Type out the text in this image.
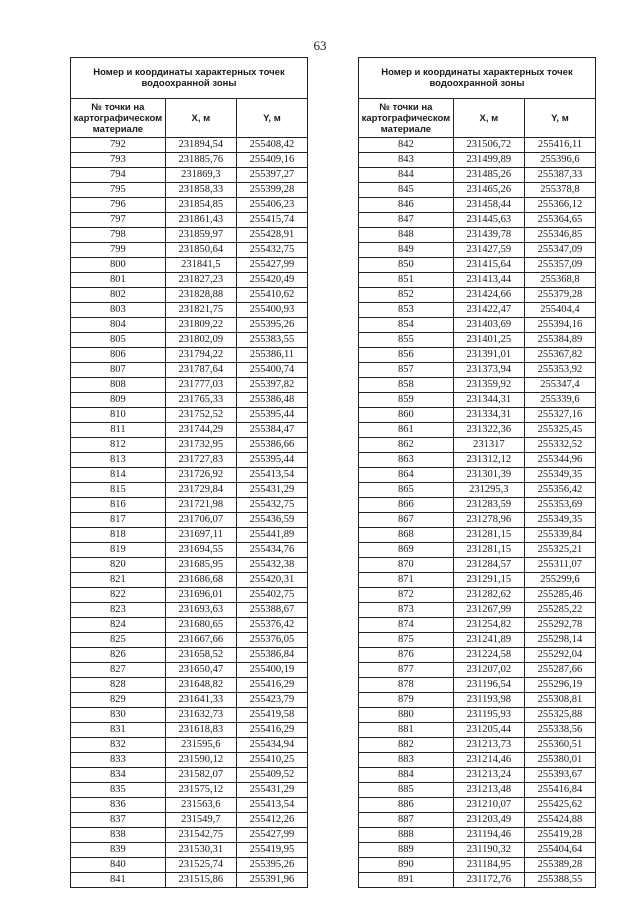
63
Номер и координаты характерных точек водоохранной зоны		
№ точки на картографическом материале	X, м	Y, м
792	231894,54	255408,42
793	231885,76	255409,16
794	231869,3	255397,27
795	231858,33	255399,28
796	231854,85	255406,23
797	231861,43	255415,74
798	231859,97	255428,91
799	231850,64	255432,75
800	231841,5	255427,99
801	231827,23	255420,49
802	231828,88	255410,62
803	231821,75	255400,93
804	231809,22	255395,26
805	231802,09	255383,55
806	231794,22	255386,11
807	231787,64	255400,74
808	231777,03	255397,82
809	231765,33	255386,48
810	231752,52	255395,44
811	231744,29	255384,47
812	231732,95	255386,66
813	231727,83	255395,44
814	231726,92	255413,54
815	231729,84	255431,29
816	231721,98	255432,75
817	231706,07	255436,59
818	231697,11	255441,89
819	231694,55	255434,76
820	231685,95	255432,38
821	231686,68	255420,31
822	231696,01	255402,75
823	231693,63	255388,67
824	231680,65	255376,42
825	231667,66	255376,05
826	231658,52	255386,84
827	231650,47	255400,19
828	231648,82	255416,29
829	231641,33	255423,79
830	231632,73	255419,58
831	231618,83	255416,29
832	231595,6	255434,94
833	231590,12	255410,25
834	231582,07	255409,52
835	231575,12	255431,29
836	231563,6	255413,54
837	231549,7	255412,26
838	231542,75	255427,99
839	231530,31	255419,95
840	231525,74	255395,26
841	231515,86	255391,96
Номер и координаты характерных точек водоохранной зоны		
№ точки на картографическом материале	X, м	Y, м
842	231506,72	255416,11
843	231499,89	255396,6
844	231485,26	255387,33
845	231465,26	255378,8
846	231458,44	255366,12
847	231445,63	255364,65
848	231439,78	255346,85
849	231427,59	255347,09
850	231415,64	255357,09
851	231413,44	255368,8
852	231424,66	255379,28
853	231422,47	255404,4
854	231403,69	255394,16
855	231401,25	255384,89
856	231391,01	255367,82
857	231373,94	255353,92
858	231359,92	255347,4
859	231344,31	255339,6
860	231334,31	255327,16
861	231322,36	255325,45
862	231317	255332,52
863	231312,12	255344,96
864	231301,39	255349,35
865	231295,3	255356,42
866	231283,59	255353,69
867	231278,96	255349,35
868	231281,15	255339,84
869	231281,15	255325,21
870	231284,57	255311,07
871	231291,15	255299,6
872	231282,62	255285,46
873	231267,99	255285,22
874	231254,82	255292,78
875	231241,89	255298,14
876	231224,58	255292,04
877	231207,02	255287,66
878	231196,54	255296,19
879	231193,98	255308,81
880	231195,93	255325,88
881	231205,44	255338,56
882	231213,73	255360,51
883	231214,46	255380,01
884	231213,24	255393,67
885	231213,48	255416,84
886	231210,07	255425,62
887	231203,49	255424,88
888	231194,46	255419,28
889	231190,32	255404,64
890	231184,95	255389,28
891	231172,76	255388,55
